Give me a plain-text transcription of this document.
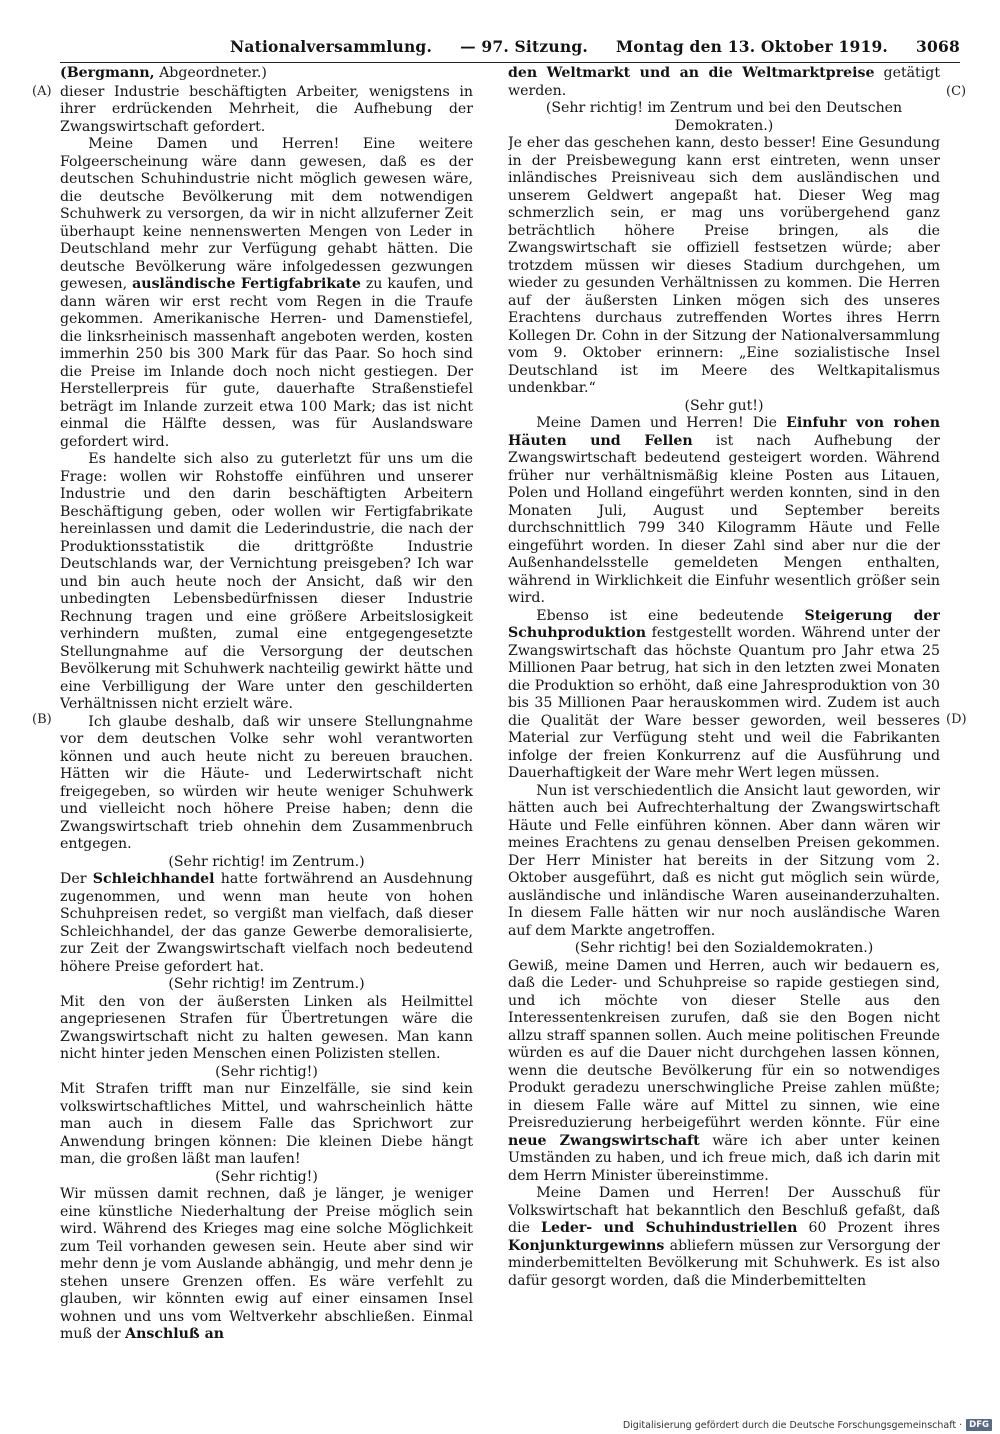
Nationalversammlung. — 97. Sitzung. Montag den 13. Oktober 1919. 3068
(A)
(B)
(C)
(D)

(Bergmann, Abgeordneter.)

dieser Industrie beschäftigten Arbeiter, wenigstens in ihrer erdrückenden Mehrheit, die Aufhebung der Zwangswirtschaft gefordert.

Meine Damen und Herren! Eine weitere Folgeerscheinung wäre dann gewesen, daß es der deutschen Schuhindustrie nicht möglich gewesen wäre, die deutsche Bevölkerung mit dem notwendigen Schuhwerk zu versorgen, da wir in nicht allzuferner Zeit überhaupt keine nennenswerten Mengen von Leder in Deutschland mehr zur Verfügung gehabt hätten. Die deutsche Bevölkerung wäre infolgedessen gezwungen gewesen, ausländische Fertigfabrikate zu kaufen, und dann wären wir erst recht vom Regen in die Traufe gekommen. Amerikanische Herren- und Damenstiefel, die linksrheinisch massenhaft angeboten werden, kosten immerhin 250 bis 300 Mark für das Paar. So hoch sind die Preise im Inlande doch noch nicht gestiegen. Der Herstellerpreis für gute, dauerhafte Straßenstiefel beträgt im Inlande zurzeit etwa 100 Mark; das ist nicht einmal die Hälfte dessen, was für Auslandsware gefordert wird.

Es handelte sich also zu guterletzt für uns um die Frage: wollen wir Rohstoffe einführen und unserer Industrie und den darin beschäftigten Arbeitern Beschäftigung geben, oder wollen wir Fertigfabrikate hereinlassen und damit die Lederindustrie, die nach der Produktionsstatistik die drittgrößte Industrie Deutschlands war, der Vernichtung preisgeben? Ich war und bin auch heute noch der Ansicht, daß wir den unbedingten Lebensbedürfnissen dieser Industrie Rechnung tragen und eine größere Arbeitslosigkeit verhindern mußten, zumal eine entgegengesetzte Stellungnahme auf die Versorgung der deutschen Bevölkerung mit Schuhwerk nachteilig gewirkt hätte und eine Verbilligung der Ware unter den geschilderten Verhältnissen nicht erzielt wäre.

Ich glaube deshalb, daß wir unsere Stellungnahme vor dem deutschen Volke sehr wohl verantworten können und auch heute nicht zu bereuen brauchen. Hätten wir die Häute- und Lederwirtschaft nicht freigegeben, so würden wir heute weniger Schuhwerk und vielleicht noch höhere Preise haben; denn die Zwangswirtschaft trieb ohnehin dem Zusammenbruch entgegen.

(Sehr richtig! im Zentrum.)

Der Schleichhandel hatte fortwährend an Ausdehnung zugenommen, und wenn man heute von hohen Schuhpreisen redet, so vergißt man vielfach, daß dieser Schleichhandel, der das ganze Gewerbe demoralisierte, zur Zeit der Zwangswirtschaft vielfach noch bedeutend höhere Preise gefordert hat.

(Sehr richtig! im Zentrum.)

Mit den von der äußersten Linken als Heilmittel angepriesenen Strafen für Übertretungen wäre die Zwangswirtschaft nicht zu halten gewesen. Man kann nicht hinter jeden Menschen einen Polizisten stellen.

(Sehr richtig!)

Mit Strafen trifft man nur Einzelfälle, sie sind kein volkswirtschaftliches Mittel, und wahrscheinlich hätte man auch in diesem Falle das Sprichwort zur Anwendung bringen können: Die kleinen Diebe hängt man, die großen läßt man laufen!

(Sehr richtig!)

Wir müssen damit rechnen, daß je länger, je weniger eine künstliche Niederhaltung der Preise möglich sein wird. Während des Krieges mag eine solche Möglichkeit zum Teil vorhanden gewesen sein. Heute aber sind wir mehr denn je vom Auslande abhängig, und mehr denn je stehen unsere Grenzen offen. Es wäre verfehlt zu glauben, wir könnten ewig auf einer einsamen Insel wohnen und uns vom Weltverkehr abschließen. Einmal muß der Anschluß an

den Weltmarkt und an die Weltmarktpreise getätigt werden.

(Sehr richtig! im Zentrum und bei den Deutschen Demokraten.)

Je eher das geschehen kann, desto besser! Eine Gesundung in der Preisbewegung kann erst eintreten, wenn unser inländisches Preisniveau sich dem ausländischen und unserem Geldwert angepaßt hat. Dieser Weg mag schmerzlich sein, er mag uns vorübergehend ganz beträchtlich höhere Preise bringen, als die Zwangswirtschaft sie offiziell festsetzen würde; aber trotzdem müssen wir dieses Stadium durchgehen, um wieder zu gesunden Verhältnissen zu kommen. Die Herren auf der äußersten Linken mögen sich des unseres Erachtens durchaus zutreffenden Wortes ihres Herrn Kollegen Dr. Cohn in der Sitzung der Nationalversammlung vom 9. Oktober erinnern: „Eine sozialistische Insel Deutschland ist im Meere des Weltkapitalismus undenkbar.“

(Sehr gut!)

Meine Damen und Herren! Die Einfuhr von rohen Häuten und Fellen ist nach Aufhebung der Zwangswirtschaft bedeutend gesteigert worden. Während früher nur verhältnismäßig kleine Posten aus Litauen, Polen und Holland eingeführt werden konnten, sind in den Monaten Juli, August und September bereits durchschnittlich 799 340 Kilogramm Häute und Felle eingeführt worden. In dieser Zahl sind aber nur die der Außenhandelsstelle gemeldeten Mengen enthalten, während in Wirklichkeit die Einfuhr wesentlich größer sein wird.

Ebenso ist eine bedeutende Steigerung der Schuhproduktion festgestellt worden. Während unter der Zwangswirtschaft das höchste Quantum pro Jahr etwa 25 Millionen Paar betrug, hat sich in den letzten zwei Monaten die Produktion so erhöht, daß eine Jahresproduktion von 30 bis 35 Millionen Paar herauskommen wird. Zudem ist auch die Qualität der Ware besser geworden, weil besseres Material zur Verfügung steht und weil die Fabrikanten infolge der freien Konkurrenz auf die Ausführung und Dauerhaftigkeit der Ware mehr Wert legen müssen.

Nun ist verschiedentlich die Ansicht laut geworden, wir hätten auch bei Aufrechterhaltung der Zwangswirtschaft Häute und Felle einführen können. Aber dann wären wir meines Erachtens zu genau denselben Preisen gekommen. Der Herr Minister hat bereits in der Sitzung vom 2. Oktober ausgeführt, daß es nicht gut möglich sein würde, ausländische und inländische Waren auseinanderzuhalten. In diesem Falle hätten wir nur noch ausländische Waren auf dem Markte angetroffen.

(Sehr richtig! bei den Sozialdemokraten.)

Gewiß, meine Damen und Herren, auch wir bedauern es, daß die Leder- und Schuhpreise so rapide gestiegen sind, und ich möchte von dieser Stelle aus den Interessentenkreisen zurufen, daß sie den Bogen nicht allzu straff spannen sollen. Auch meine politischen Freunde würden es auf die Dauer nicht durchgehen lassen können, wenn die deutsche Bevölkerung für ein so notwendiges Produkt geradezu unerschwingliche Preise zahlen müßte; in diesem Falle wäre auf Mittel zu sinnen, wie eine Preisreduzierung herbeigeführt werden könnte. Für eine neue Zwangswirtschaft wäre ich aber unter keinen Umständen zu haben, und ich freue mich, daß ich darin mit dem Herrn Minister übereinstimme.

Meine Damen und Herren! Der Ausschuß für Volkswirtschaft hat bekanntlich den Beschluß gefaßt, daß die Leder- und Schuhindustriellen 60 Prozent ihres Konjunkturgewinns abliefern müssen zur Versorgung der minderbemittelten Bevölkerung mit Schuhwerk. Es ist also dafür gesorgt worden, daß die Minderbemittelten

Digitalisierung gefördert durch die Deutsche Forschungsgemeinschaft · DFG
